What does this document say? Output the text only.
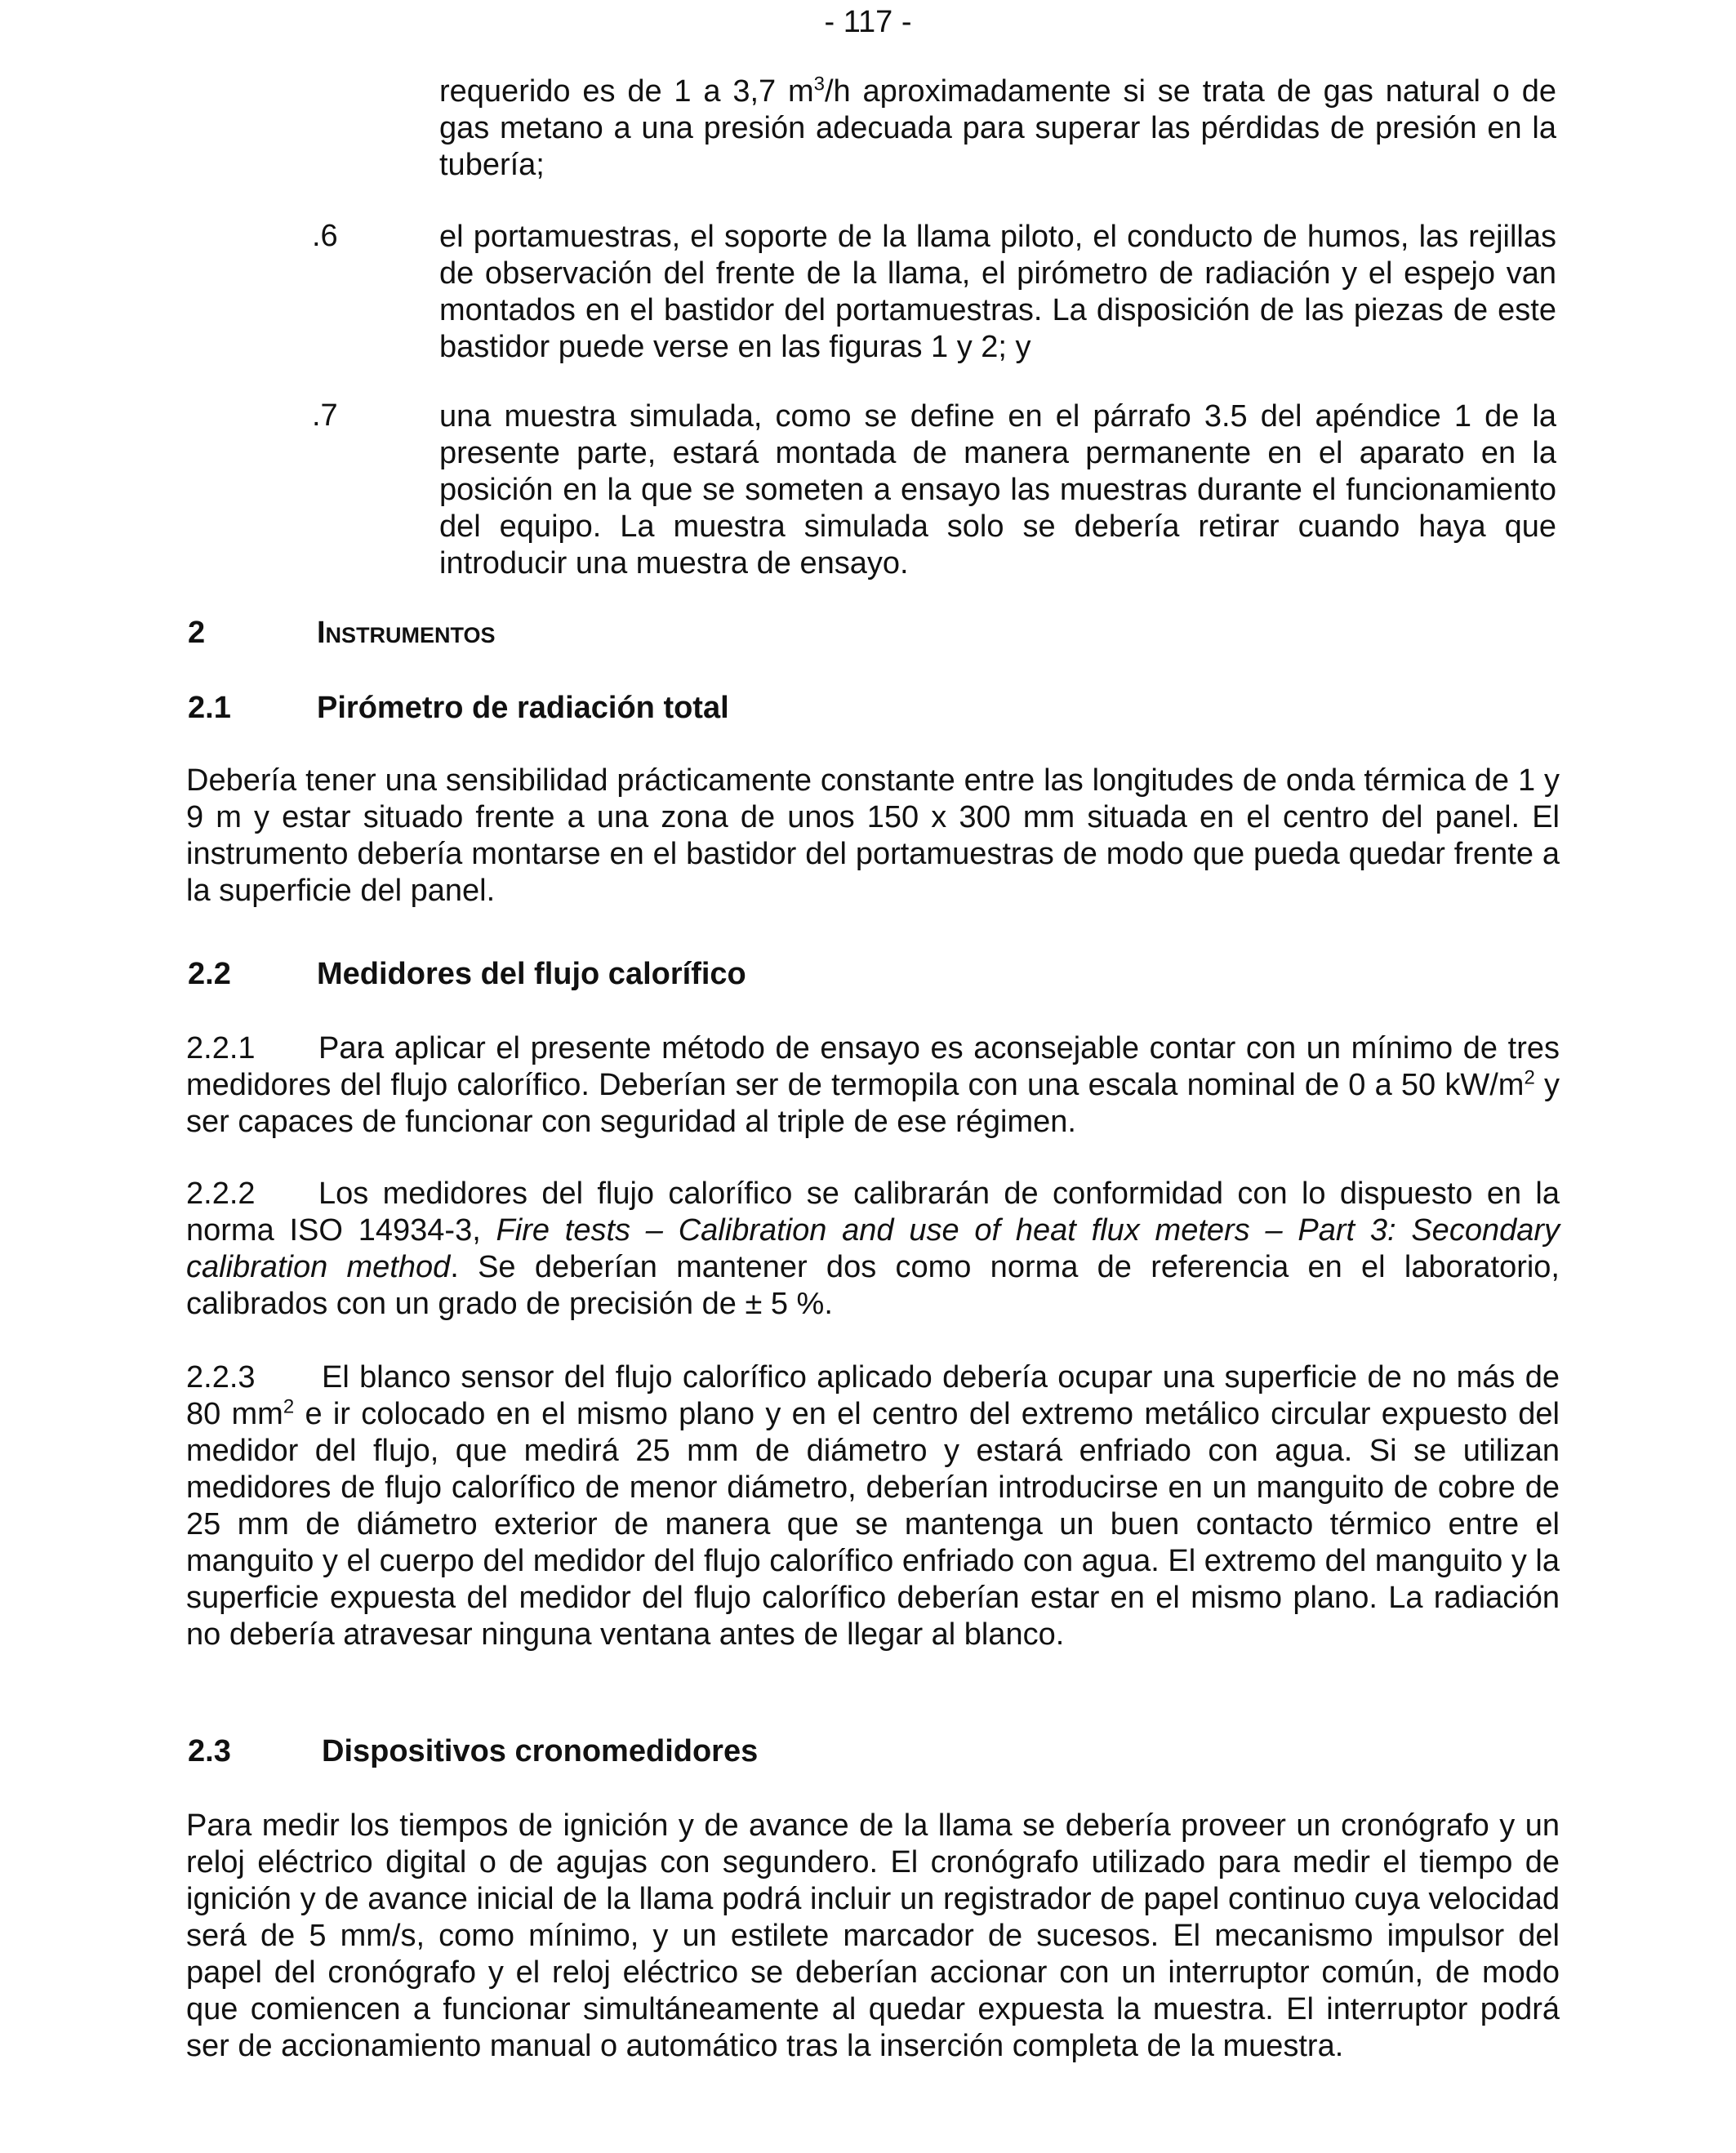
- 117 -
requerido es de 1 a 3,7 $m^3/h$ aproximadamente si se trata de gas natural o de gas metano a una presión adecuada para superar las pérdidas de presión en la tubería;
.6	el portamuestras, el soporte de la llama piloto, el conducto de humos, las rejillas de observación del frente de la llama, el pirómetro de radiación y el espejo van montados en el bastidor del portamuestras. La disposición de las piezas de este bastidor puede verse en las figuras 1 y 2; y
.7	una muestra simulada, como se define en el párrafo 3.5 del apéndice 1 de la presente parte, estará montada de manera permanente en el aparato en la posición en la que se someten a ensayo las muestras durante el funcionamiento del equipo. La muestra simulada solo se debería retirar cuando haya que introducir una muestra de ensayo.
2	Instrumentos
2.1	Pirómetro de radiación total
Debería tener una sensibilidad prácticamente constante entre las longitudes de onda térmica de 1 y 9 m y estar situado frente a una zona de unos 150 x 300 mm situada en el centro del panel. El instrumento debería montarse en el bastidor del portamuestras de modo que pueda quedar frente a la superficie del panel.
2.2	Medidores del flujo calorífico
2.2.1 Para aplicar el presente método de ensayo es aconsejable contar con un mínimo de tres medidores del flujo calorífico. Deberían ser de termopila con una escala nominal de 0 a 50 $kW/m^2$ y ser capaces de funcionar con seguridad al triple de ese régimen.
2.2.2 Los medidores del flujo calorífico se calibrarán de conformidad con lo dispuesto en la norma ISO 14934-3, Fire tests – Calibration and use of heat flux meters – Part 3: Secondary calibration method. Se deberían mantener dos como norma de referencia en el laboratorio, calibrados con un grado de precisión de ± 5 %.
2.2.3 El blanco sensor del flujo calorífico aplicado debería ocupar una superficie de no más de 80 $mm^2$ e ir colocado en el mismo plano y en el centro del extremo metálico circular expuesto del medidor del flujo, que medirá 25 mm de diámetro y estará enfriado con agua. Si se utilizan medidores de flujo calorífico de menor diámetro, deberían introducirse en un manguito de cobre de 25 mm de diámetro exterior de manera que se mantenga un buen contacto térmico entre el manguito y el cuerpo del medidor del flujo calorífico enfriado con agua. El extremo del manguito y la superficie expuesta del medidor del flujo calorífico deberían estar en el mismo plano. La radiación no debería atravesar ninguna ventana antes de llegar al blanco.
2.3	Dispositivos cronomedidores
Para medir los tiempos de ignición y de avance de la llama se debería proveer un cronógrafo y un reloj eléctrico digital o de agujas con segundero. El cronógrafo utilizado para medir el tiempo de ignición y de avance inicial de la llama podrá incluir un registrador de papel continuo cuya velocidad será de 5 mm/s, como mínimo, y un estilete marcador de sucesos. El mecanismo impulsor del papel del cronógrafo y el reloj eléctrico se deberían accionar con un interruptor común, de modo que comiencen a funcionar simultáneamente al quedar expuesta la muestra. El interruptor podrá ser de accionamiento manual o automático tras la inserción completa de la muestra.
